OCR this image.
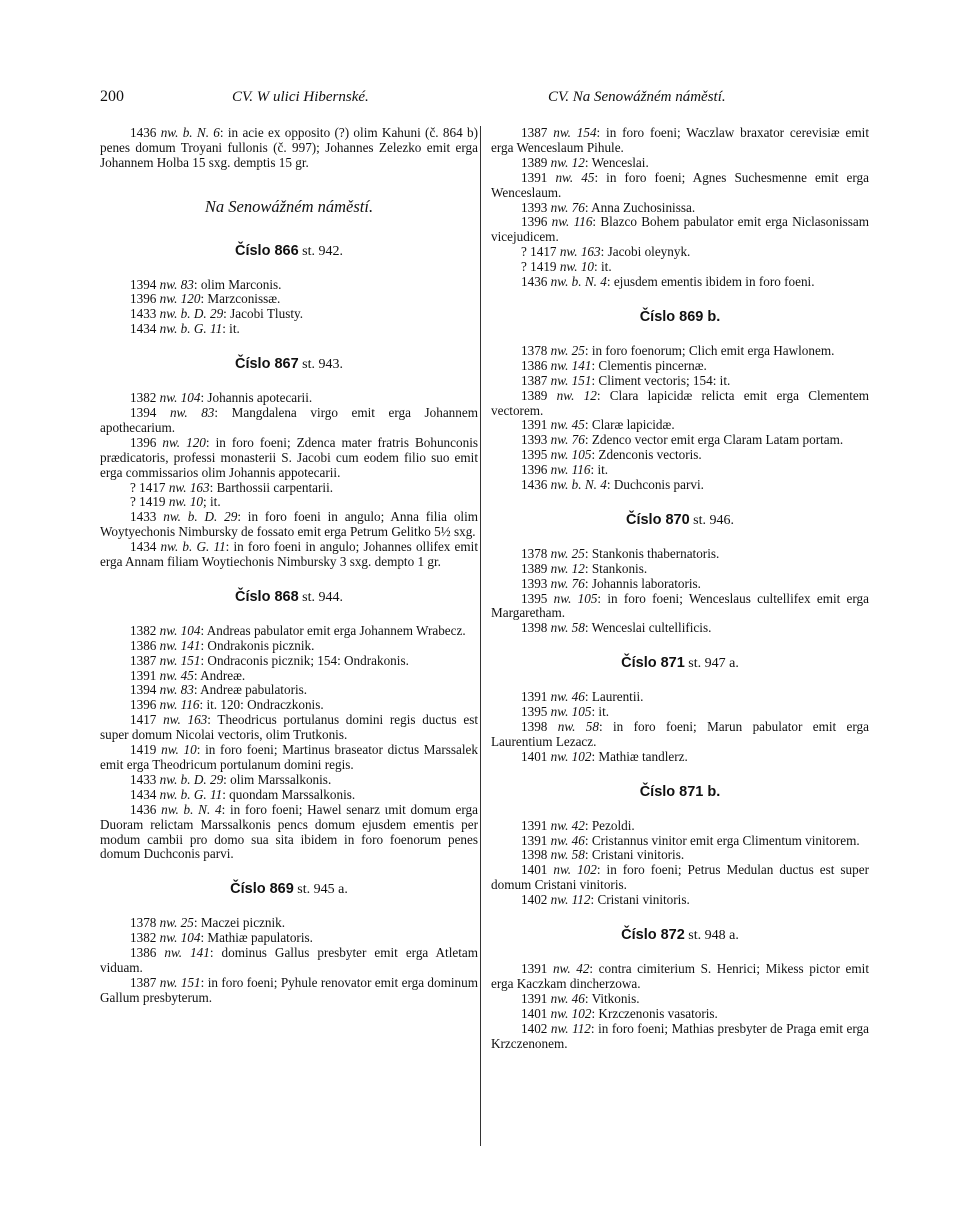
200	CV. W ulici Hibernské.	CV. Na Senowážném náměstí.

1436 nw. b. N. 6: in acie ex opposito (?) olim Kahuni (č. 864 b) penes domum Troyani fullonis (č. 997); Johannes Zelezko emit erga Johannem Holba 15 sxg. demptis 15 gr.

Na Senowážném náměstí.
Číslo 866 st. 942.

1394 nw. 83: olim Marconis.

1396 nw. 120: Marzconissæ.

1433 nw. b. D. 29: Jacobi Tlusty.

1434 nw. b. G. 11: it.

Číslo 867 st. 943.

1382 nw. 104: Johannis apotecarii.

1394 nw. 83: Mangdalena virgo emit erga Johannem apothecarium.

1396 nw. 120: in foro foeni; Zdenca mater fratris Bohunconis prædicatoris, professi monasterii S. Jacobi cum eodem filio suo emit erga commissarios olim Johannis appotecarii.

? 1417 nw. 163: Barthossii carpentarii.

? 1419 nw. 10; it.

1433 nw. b. D. 29: in foro foeni in angulo; Anna filia olim Woytyechonis Nimbursky de fossato emit erga Petrum Gelitko 5½ sxg.

1434 nw. b. G. 11: in foro foeni in angulo; Johannes ollifex emit erga Annam filiam Woytiechonis Nimbursky 3 sxg. dempto 1 gr.

Číslo 868 st. 944.

1382 nw. 104: Andreas pabulator emit erga Johannem Wrabecz.

1386 nw. 141: Ondrakonis picznik.

1387 nw. 151: Ondraconis picznik; 154: Ondrakonis.

1391 nw. 45: Andreæ.

1394 nw. 83: Andreæ pabulatoris.

1396 nw. 116: it. 120: Ondraczkonis.

1417 nw. 163: Theodricus portulanus domini regis ductus est super domum Nicolai vectoris, olim Trutkonis.

1419 nw. 10: in foro foeni; Martinus braseator dictus Marssalek emit erga Theodricum portulanum domini regis.

1433 nw. b. D. 29: olim Marssalkonis.

1434 nw. b. G. 11: quondam Marssalkonis.

1436 nw. b. N. 4: in foro foeni; Hawel senarz ιmit domum erga Duoram relictam Marssalkonis pencs domum ejusdem ementis per modum cambii pro domo sua sita ibidem in foro foenorum penes domum Duchconis parvi.

Číslo 869 st. 945 a.

1378 nw. 25: Maczei picznik.

1382 nw. 104: Mathiæ papulatoris.

1386 nw. 141: dominus Gallus presbyter emit erga Atletam viduam.

1387 nw. 151: in foro foeni; Pyhule renovator emit erga dominum Gallum presbyterum.

1387 nw. 154: in foro foeni; Waczlaw braxator cerevisiæ emit erga Wenceslaum Pihule.

1389 nw. 12: Wenceslai.

1391 nw. 45: in foro foeni; Agnes Suchesmenne emit erga Wenceslaum.

1393 nw. 76: Anna Zuchosinissa.

1396 nw. 116: Blazco Bohem pabulator emit erga Niclasonissam vicejudicem.

? 1417 nw. 163: Jacobi oleynyk.

? 1419 nw. 10: it.

1436 nw. b. N. 4: ejusdem ementis ibidem in foro foeni.

Číslo 869 b.

1378 nw. 25: in foro foenorum; Clich emit erga Hawlonem.

1386 nw. 141: Clementis pincernæ.

1387 nw. 151: Climent vectoris; 154: it.

1389 nw. 12: Clara lapicidæ relicta emit erga Clementem vectorem.

1391 nw. 45: Claræ lapicidæ.

1393 nw. 76: Zdenco vector emit erga Claram Latam portam.

1395 nw. 105: Zdenconis vectoris.

1396 nw. 116: it.

1436 nw. b. N. 4: Duchconis parvi.

Číslo 870 st. 946.

1378 nw. 25: Stankonis thabernatoris.

1389 nw. 12: Stankonis.

1393 nw. 76: Johannis laboratoris.

1395 nw. 105: in foro foeni; Wenceslaus cultellifex emit erga Margaretham.

1398 nw. 58: Wenceslai cultellificis.

Číslo 871 st. 947 a.

1391 nw. 46: Laurentii.

1395 nw. 105: it.

1398 nw. 58: in foro foeni; Marun pabulator emit erga Laurentium Lezacz.

1401 nw. 102: Mathiæ tandlerz.

Číslo 871 b.

1391 nw. 42: Pezoldi.

1391 nw. 46: Cristannus vinitor emit erga Climentum vinitorem.

1398 nw. 58: Cristani vinitoris.

1401 nw. 102: in foro foeni; Petrus Medulan ductus est super domum Cristani vinitoris.

1402 nw. 112: Cristani vinitoris.

Číslo 872 st. 948 a.

1391 nw. 42: contra cimiterium S. Henrici; Mikess pictor emit erga Kaczkam dincherzowa.

1391 nw. 46: Vitkonis.

1401 nw. 102: Krzczenonis vasatoris.

1402 nw. 112: in foro foeni; Mathias presbyter de Praga emit erga Krzczenonem.
